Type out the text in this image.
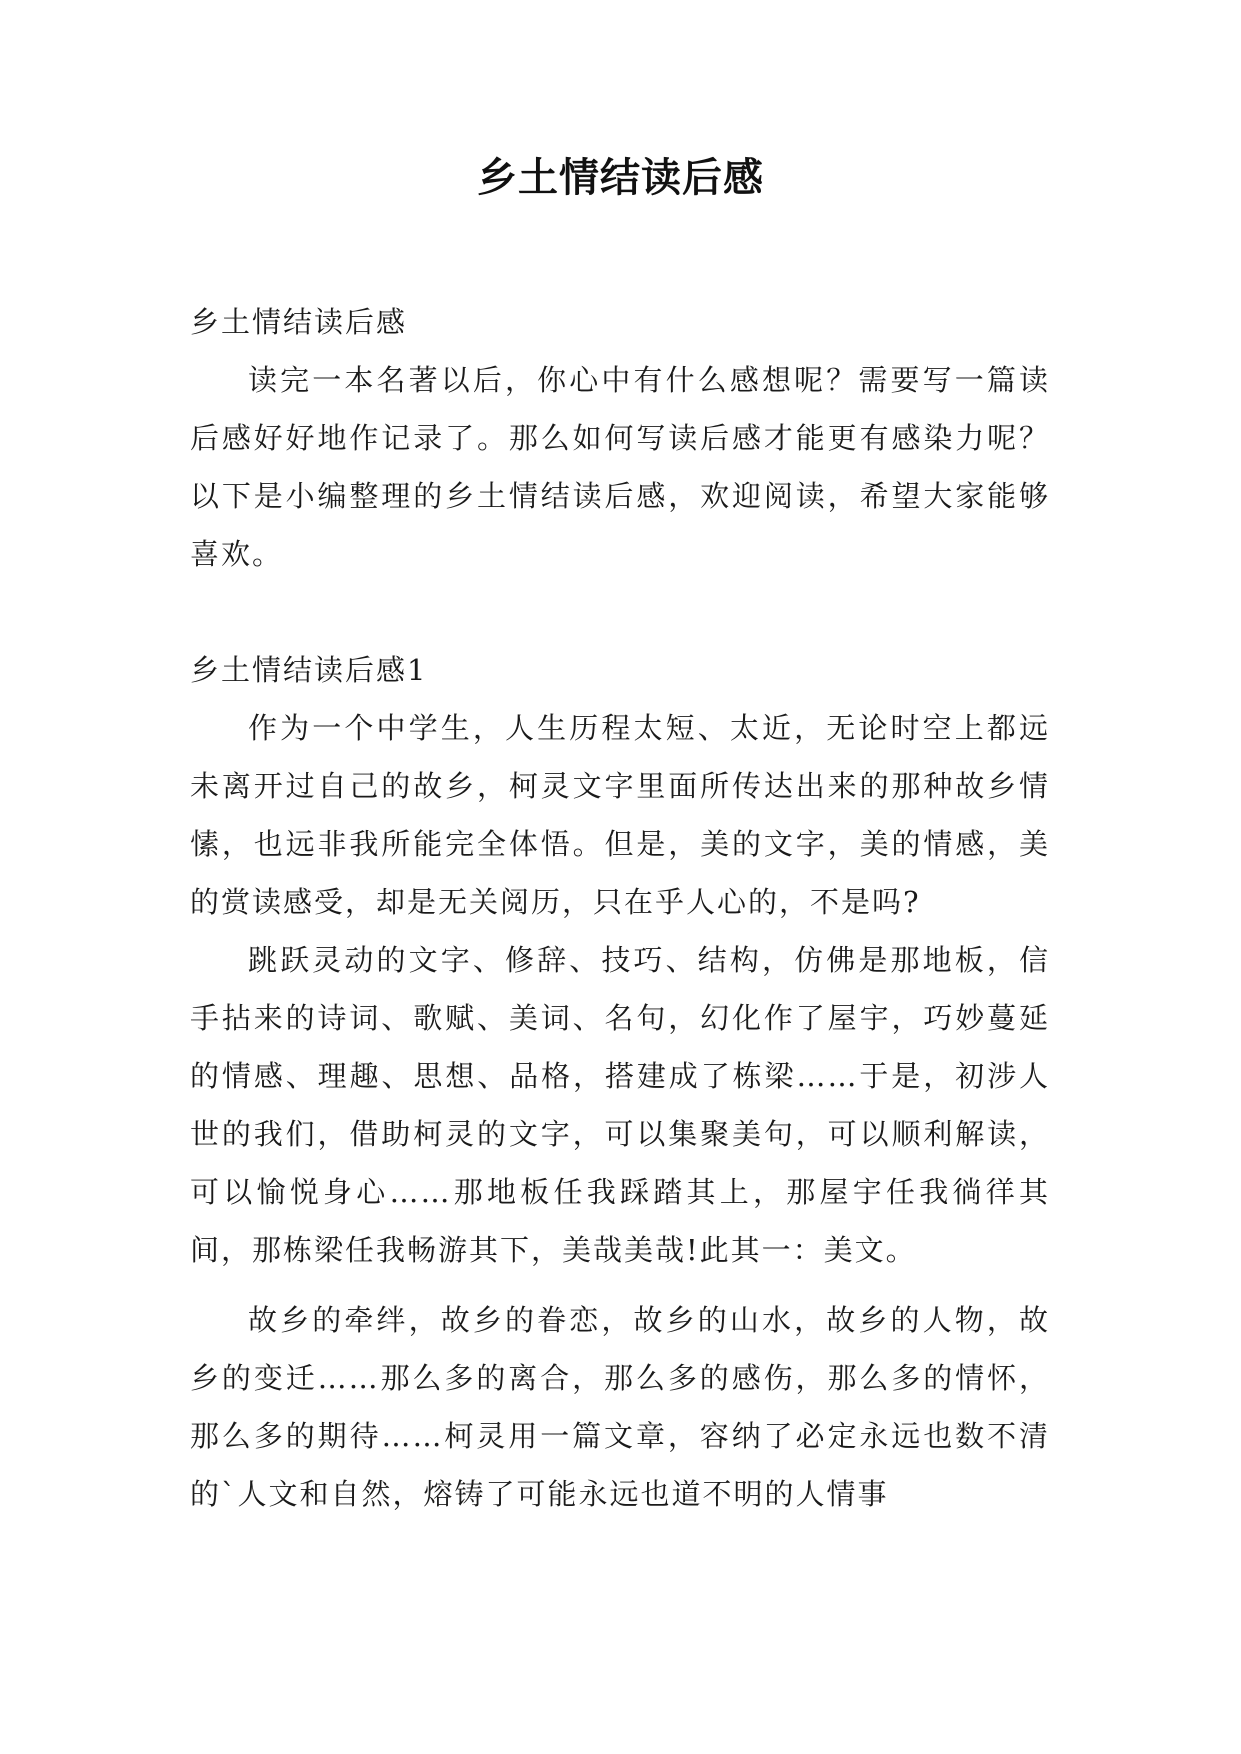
乡土情结读后感

乡土情结读后感

读完一本名著以后，你心中有什么感想呢？需要写一篇读后感好好地作记录了。那么如何写读后感才能更有感染力呢？以下是小编整理的乡土情结读后感，欢迎阅读，希望大家能够喜欢。

乡土情结读后感1

作为一个中学生，人生历程太短、太近，无论时空上都远未离开过自己的故乡，柯灵文字里面所传达出来的那种故乡情愫，也远非我所能完全体悟。但是，美的文字，美的情感，美的赏读感受，却是无关阅历，只在乎人心的，不是吗?

跳跃灵动的文字、修辞、技巧、结构，仿佛是那地板，信手拈来的诗词、歌赋、美词、名句，幻化作了屋宇，巧妙蔓延的情感、理趣、思想、品格，搭建成了栋梁……于是，初涉人世的我们，借助柯灵的文字，可以集聚美句，可以顺利解读，可以愉悦身心……那地板任我踩踏其上，那屋宇任我徜徉其间，那栋梁任我畅游其下，美哉美哉!此其一：美文。

故乡的牵绊，故乡的眷恋，故乡的山水，故乡的人物，故乡的变迁……那么多的离合，那么多的感伤，那么多的情怀，那么多的期待……柯灵用一篇文章，容纳了必定永远也数不清的`人文和自然，熔铸了可能永远也道不明的人情事
